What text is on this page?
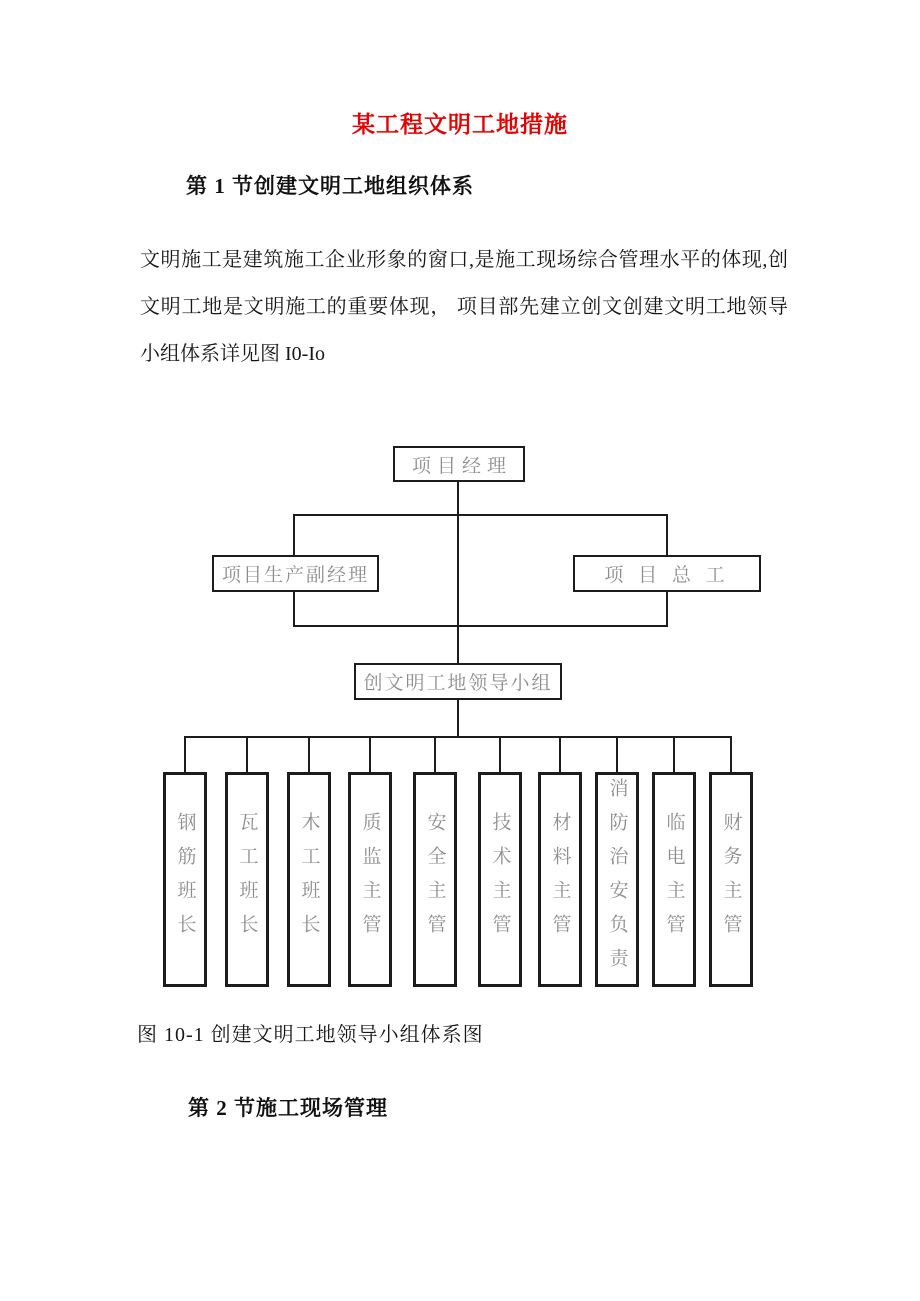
某工程文明工地措施
第 1 节创建文明工地组织体系
文明施工是建筑施工企业形象的窗口,是施工现场综合管理水平的体现,创
文明工地是文明施工的重要体现， 项目部先建立创文创建文明工地领导
小组体系详见图 I0-Io
项目经理
项目生产副经理	项 目 总 工
创文明工地领导小组
钢筋班长 瓦工班长 木工班长 质监主管 安全主管 技术主管 材料主管 消防治安负责 临电主管 财务主管
图 10-1 创建文明工地领导小组体系图
第 2 节施工现场管理
